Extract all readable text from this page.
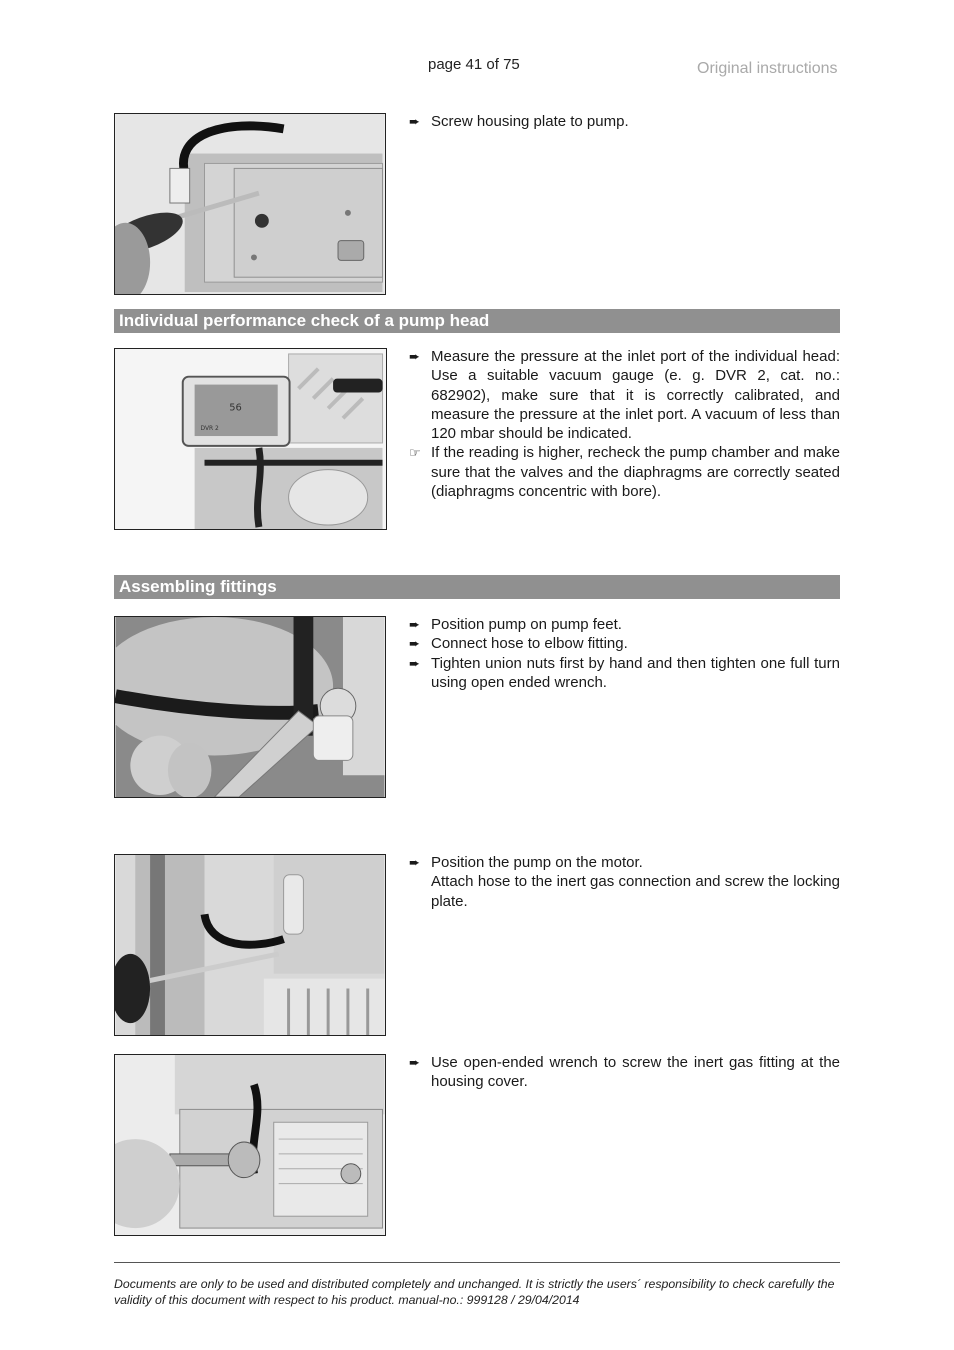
page 41 of 75	Original instructions
➨ Screw housing plate to pump.
Individual performance check of a pump head
56
DVR 2
➨ Measure the pressure at the inlet port of the individual head: Use a suitable vacuum gauge (e. g. DVR 2, cat. no.: 682902), make sure that it is correctly calibrated, and measure the pressure at the inlet port. A vacuum of less than 120 mbar should be indicated.
☞ If the reading is higher, recheck the pump chamber and make sure that the valves and the diaphragms are correctly seated (diaphragms concentric with bore).
Assembling fittings
➨ Position pump on pump feet.
➨ Connect hose to elbow fitting.
➨ Tighten union nuts first by hand and then tighten one full turn using open ended wrench.
➨ Position the pump on the motor.
Attach hose to the inert gas connection and screw the locking plate.
➨ Use open-ended wrench to screw the inert gas fitting at the housing cover.
Documents are only to be used and distributed completely and unchanged. It is strictly the users´ responsibility to check carefully the validity of this document with respect to his product. manual-no.: 999128 / 29/04/2014
